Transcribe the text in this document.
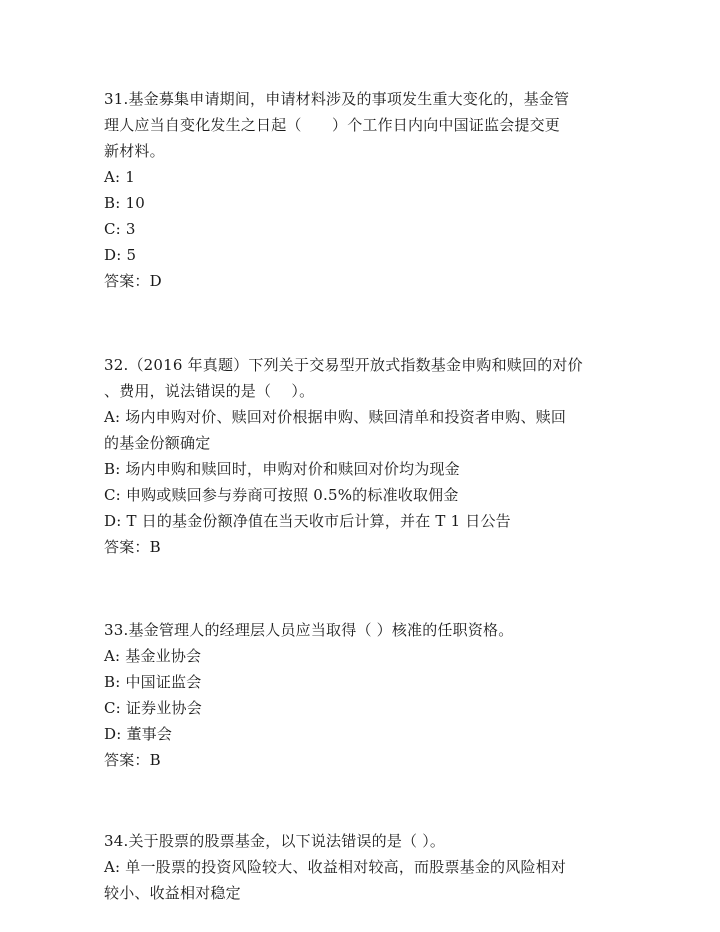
31.基金募集申请期间，申请材料涉及的事项发生重大变化的，基金管
理人应当自变化发生之日起（　　）个工作日内向中国证监会提交更
新材料。
A: 1
B: 10
C: 3
D: 5
答案：D
32.（2016 年真题）下列关于交易型开放式指数基金申购和赎回的对价
、费用，说法错误的是（　 ）。
A: 场内申购对价、赎回对价根据申购、赎回清单和投资者申购、赎回
的基金份额确定
B: 场内申购和赎回时，申购对价和赎回对价均为现金
C: 申购或赎回参与券商可按照 0.5%的标准收取佣金
D: T 日的基金份额净值在当天收市后计算，并在 T 1 日公告
答案：B
33.基金管理人的经理层人员应当取得（ ）核准的任职资格。
A: 基金业协会
B: 中国证监会
C: 证券业协会
D: 董事会
答案：B
34.关于股票的股票基金，以下说法错误的是（ ）。
A: 单一股票的投资风险较大、收益相对较高，而股票基金的风险相对
较小、收益相对稳定
